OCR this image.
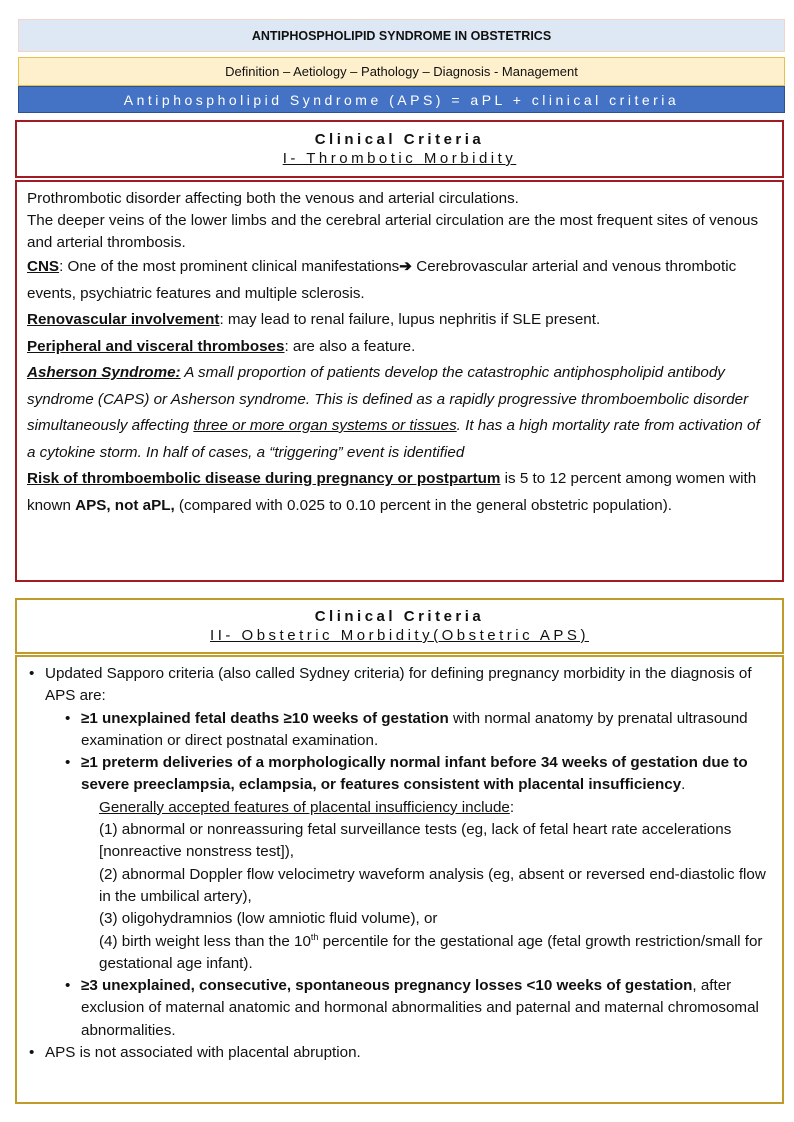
ANTIPHOSPHOLIPID SYNDROME IN OBSTETRICS
Definition – Aetiology – Pathology – Diagnosis - Management
Antiphospholipid Syndrome (APS) = aPL + clinical criteria
Clinical Criteria
I- Thrombotic Morbidity

Prothrombotic disorder affecting both the venous and arterial circulations.

The deeper veins of the lower limbs and the cerebral arterial circulation are the most frequent sites of venous and arterial thrombosis.

CNS: One of the most prominent clinical manifestations➔ Cerebrovascular arterial and venous thrombotic events, psychiatric features and multiple sclerosis.

Renovascular involvement: may lead to renal failure, lupus nephritis if SLE present.

Peripheral and visceral thromboses: are also a feature.

Asherson Syndrome: A small proportion of patients develop the catastrophic antiphospholipid antibody syndrome (CAPS) or Asherson syndrome. This is defined as a rapidly progressive thromboembolic disorder simultaneously affecting three or more organ systems or tissues. It has a high mortality rate from activation of a cytokine storm. In half of cases, a “triggering” event is identified

Risk of thromboembolic disease during pregnancy or postpartum is 5 to 12 percent among women with known APS, not aPL, (compared with 0.025 to 0.10 percent in the general obstetric population).

Clinical Criteria
II- Obstetric Morbidity(Obstetric APS)
• Updated Sapporo criteria (also called Sydney criteria) for defining pregnancy morbidity in the diagnosis of APS are:
• ≥1 unexplained fetal deaths ≥10 weeks of gestation with normal anatomy by prenatal ultrasound examination or direct postnatal examination.
• ≥1 preterm deliveries of a morphologically normal infant before 34 weeks of gestation due to severe preeclampsia, eclampsia, or features consistent with placental insufficiency.
Generally accepted features of placental insufficiency include:
(1) abnormal or nonreassuring fetal surveillance tests (eg, lack of fetal heart rate accelerations [nonreactive nonstress test]),
(2) abnormal Doppler flow velocimetry waveform analysis (eg, absent or reversed end-diastolic flow in the umbilical artery),
(3) oligohydramnios (low amniotic fluid volume), or
(4) birth weight less than the 10th percentile for the gestational age (fetal growth restriction/small for gestational age infant).
• ≥3 unexplained, consecutive, spontaneous pregnancy losses <10 weeks of gestation, after exclusion of maternal anatomic and hormonal abnormalities and paternal and maternal chromosomal abnormalities.
• APS is not associated with placental abruption.
